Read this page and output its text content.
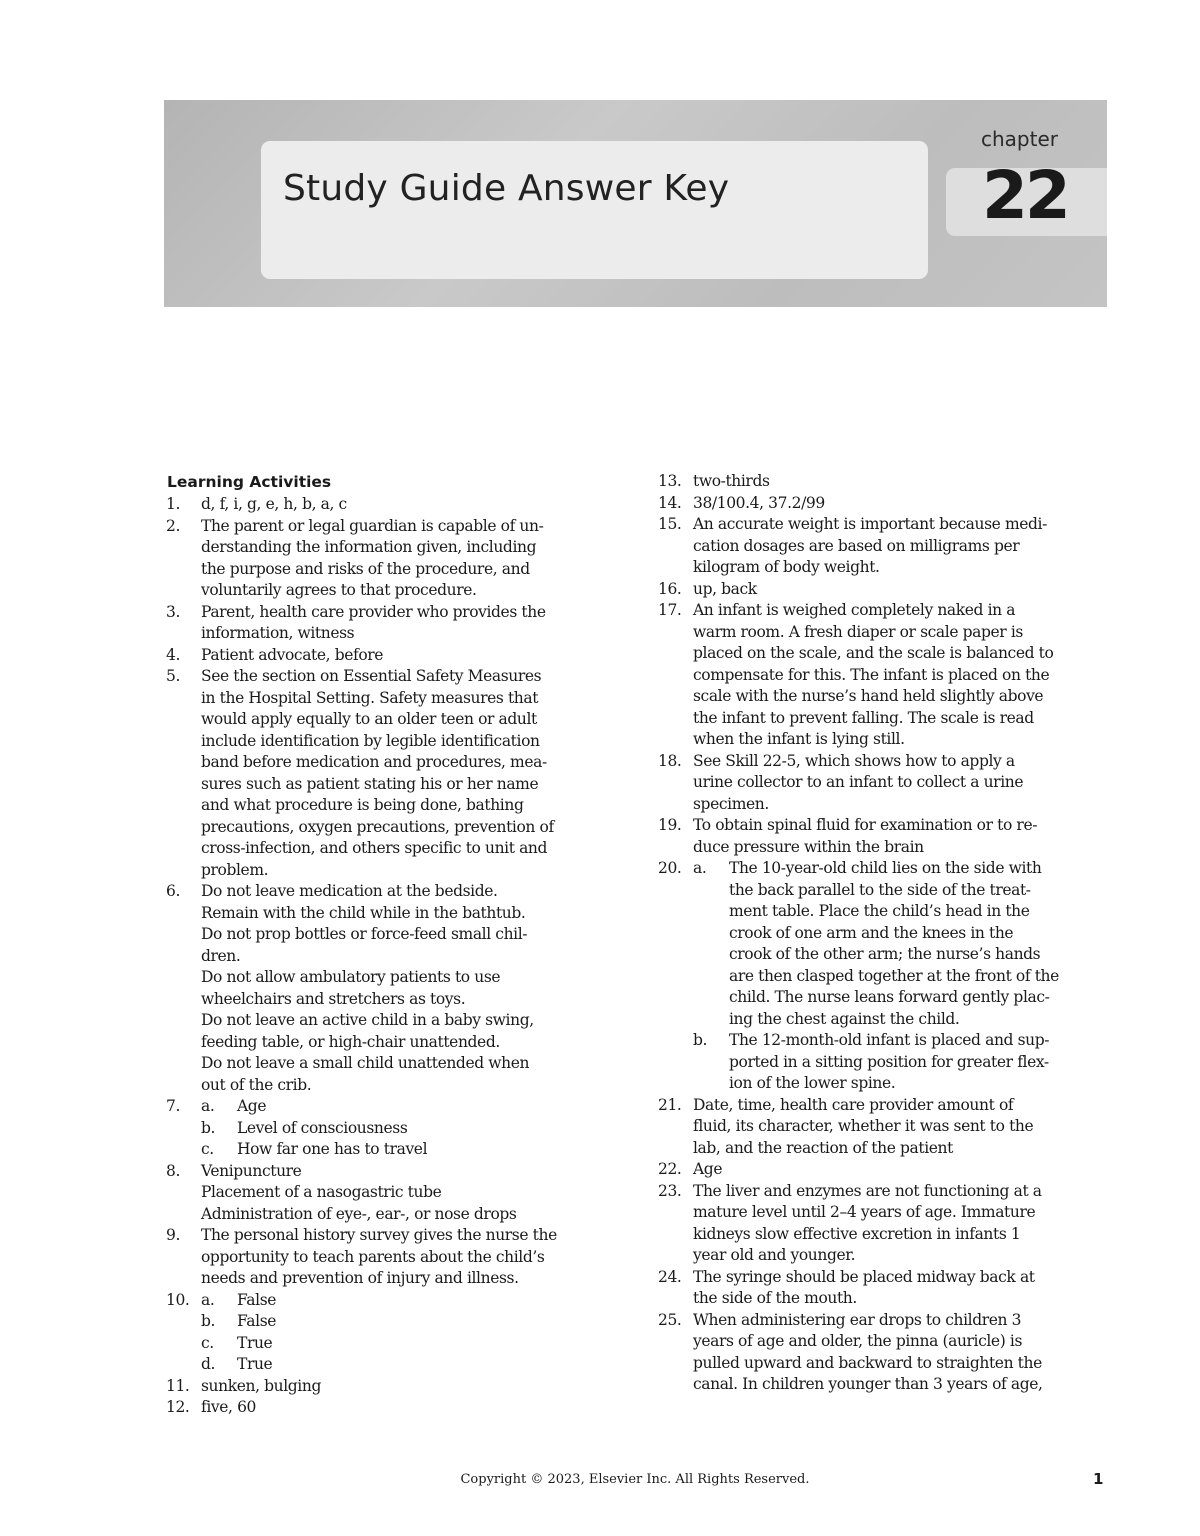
Study Guide Answer Key
chapter
22
Learning Activities
1.	d, f, i, g, e, h, b, a, c
2.	The parent or legal guardian is capable of un-
derstanding the information given, including
the purpose and risks of the procedure, and
voluntarily agrees to that procedure.
3.	Parent, health care provider who provides the
information, witness
4.	Patient advocate, before
5.	See the section on Essential Safety Measures
in the Hospital Setting. Safety measures that
would apply equally to an older teen or adult
include identification by legible identification
band before medication and procedures, mea-
sures such as patient stating his or her name
and what procedure is being done, bathing
precautions, oxygen precautions, prevention of
cross-infection, and others specific to unit and
problem.
6.	Do not leave medication at the bedside.
Remain with the child while in the bathtub.
Do not prop bottles or force-feed small chil-
dren.
Do not allow ambulatory patients to use
wheelchairs and stretchers as toys.
Do not leave an active child in a baby swing,
feeding table, or high-chair unattended.
Do not leave a small child unattended when
out of the crib.
7.	a.	Age
b.	Level of consciousness
c.	How far one has to travel
8.	Venipuncture
Placement of a nasogastric tube
Administration of eye-, ear-, or nose drops
9.	The personal history survey gives the nurse the
opportunity to teach parents about the child’s
needs and prevention of injury and illness.
10. a.	False
b.	False
c.	True
d.	True
11. sunken, bulging
12. five, 60
13. two-thirds
14. 38/100.4, 37.2/99
15. An accurate weight is important because medi-
cation dosages are based on milligrams per
kilogram of body weight.
16. up, back
17. An infant is weighed completely naked in a
warm room. A fresh diaper or scale paper is
placed on the scale, and the scale is balanced to
compensate for this. The infant is placed on the
scale with the nurse’s hand held slightly above
the infant to prevent falling. The scale is read
when the infant is lying still.
18. See Skill 22-5, which shows how to apply a
urine collector to an infant to collect a urine
specimen.
19. To obtain spinal fluid for examination or to re-
duce pressure within the brain
20. a.	The 10-year-old child lies on the side with
the back parallel to the side of the treat-
ment table. Place the child’s head in the
crook of one arm and the knees in the
crook of the other arm; the nurse’s hands
are then clasped together at the front of the
child. The nurse leans forward gently plac-
ing the chest against the child.
b.	The 12-month-old infant is placed and sup-
ported in a sitting position for greater flex-
ion of the lower spine.
21. Date, time, health care provider amount of
fluid, its character, whether it was sent to the
lab, and the reaction of the patient
22. Age
23. The liver and enzymes are not functioning at a
mature level until 2–4 years of age. Immature
kidneys slow effective excretion in infants 1
year old and younger.
24. The syringe should be placed midway back at
the side of the mouth.
25. When administering ear drops to children 3
years of age and older, the pinna (auricle) is
pulled upward and backward to straighten the
canal. In children younger than 3 years of age,
Copyright © 2023, Elsevier Inc. All Rights Reserved.	1
